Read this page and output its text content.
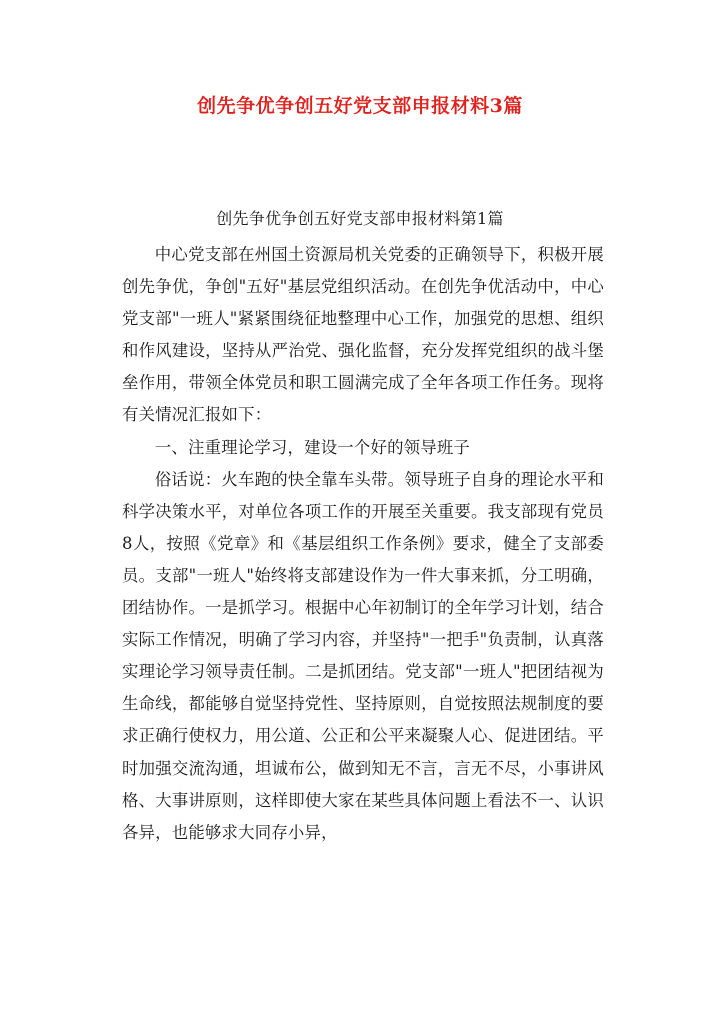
创先争优争创五好党支部申报材料3篇
创先争优争创五好党支部申报材料第1篇

中心党支部在州国土资源局机关党委的正确领导下，积极开展创先争优，争创"五好"基层党组织活动。在创先争优活动中，中心党支部"一班人"紧紧围绕征地整理中心工作，加强党的思想、组织和作风建设，坚持从严治党、强化监督，充分发挥党组织的战斗堡垒作用，带领全体党员和职工圆满完成了全年各项工作任务。现将有关情况汇报如下：

一、注重理论学习，建设一个好的领导班子

俗话说：火车跑的快全靠车头带。领导班子自身的理论水平和科学决策水平，对单位各项工作的开展至关重要。我支部现有党员8人，按照《党章》和《基层组织工作条例》要求，健全了支部委员。支部"一班人"始终将支部建设作为一件大事来抓，分工明确，团结协作。一是抓学习。根据中心年初制订的全年学习计划，结合实际工作情况，明确了学习内容，并坚持"一把手"负责制，认真落实理论学习领导责任制。二是抓团结。党支部"一班人"把团结视为生命线，都能够自觉坚持党性、坚持原则，自觉按照法规制度的要求正确行使权力，用公道、公正和公平来凝聚人心、促进团结。平时加强交流沟通，坦诚布公，做到知无不言，言无不尽，小事讲风格、大事讲原则，这样即使大家在某些具体问题上看法不一、认识各异，也能够求大同存小异，
